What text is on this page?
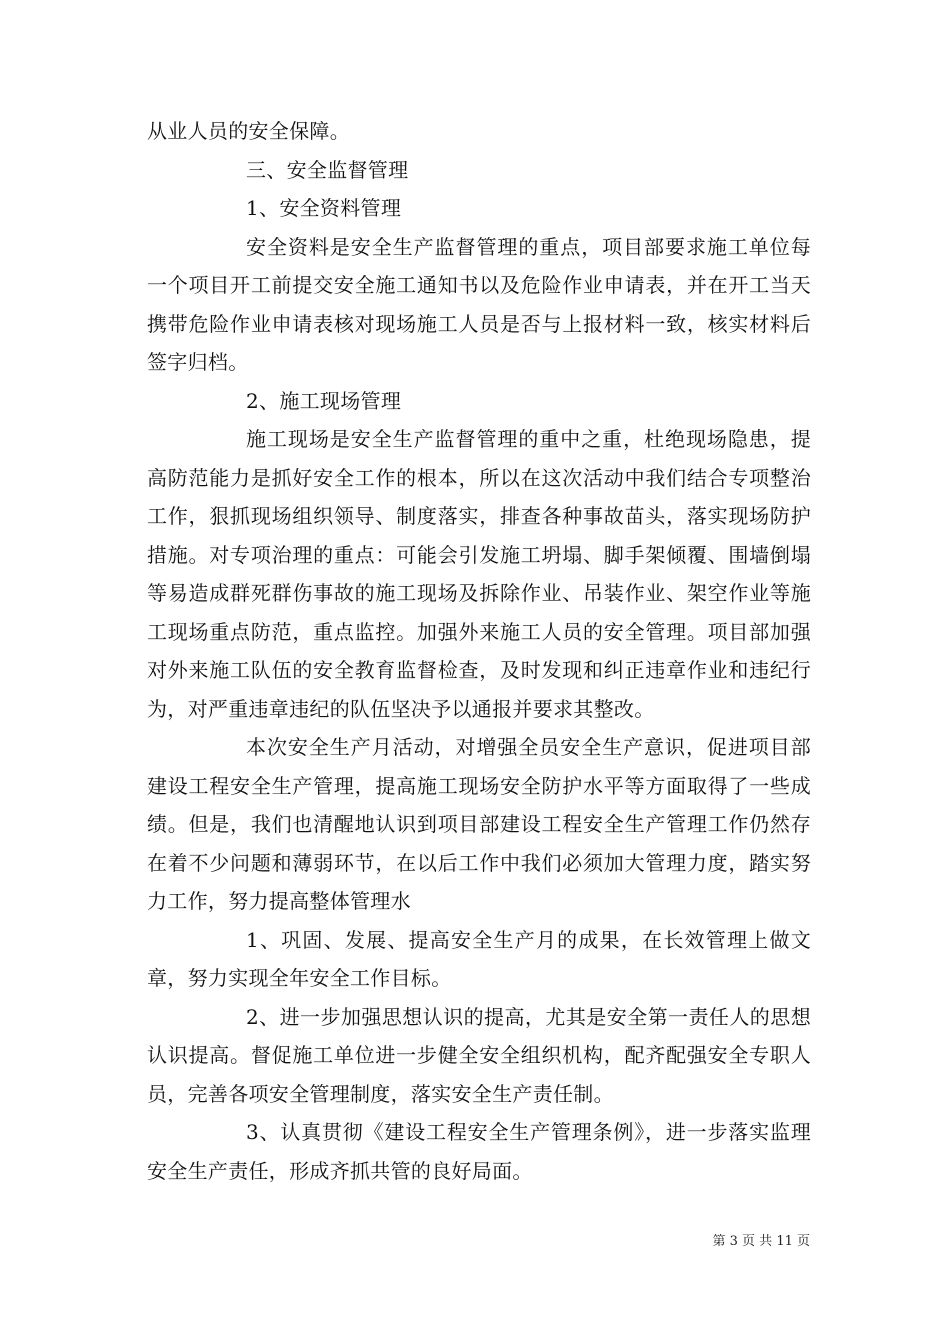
从业人员的安全保障。

三、安全监督管理

1、安全资料管理

安全资料是安全生产监督管理的重点，项目部要求施工单位每一个项目开工前提交安全施工通知书以及危险作业申请表，并在开工当天携带危险作业申请表核对现场施工人员是否与上报材料一致，核实材料后签字归档。

2、施工现场管理

施工现场是安全生产监督管理的重中之重，杜绝现场隐患，提高防范能力是抓好安全工作的根本，所以在这次活动中我们结合专项整治工作，狠抓现场组织领导、制度落实，排查各种事故苗头，落实现场防护措施。对专项治理的重点：可能会引发施工坍塌、脚手架倾覆、围墙倒塌等易造成群死群伤事故的施工现场及拆除作业、吊装作业、架空作业等施工现场重点防范，重点监控。加强外来施工人员的安全管理。项目部加强对外来施工队伍的安全教育监督检查，及时发现和纠正违章作业和违纪行为，对严重违章违纪的队伍坚决予以通报并要求其整改。

本次安全生产月活动，对增强全员安全生产意识，促进项目部建设工程安全生产管理，提高施工现场安全防护水平等方面取得了一些成绩。但是，我们也清醒地认识到项目部建设工程安全生产管理工作仍然存在着不少问题和薄弱环节，在以后工作中我们必须加大管理力度，踏实努力工作，努力提高整体管理水

1、巩固、发展、提高安全生产月的成果，在长效管理上做文章，努力实现全年安全工作目标。

2、进一步加强思想认识的提高，尤其是安全第一责任人的思想认识提高。督促施工单位进一步健全安全组织机构，配齐配强安全专职人员，完善各项安全管理制度，落实安全生产责任制。

3、认真贯彻《建设工程安全生产管理条例》，进一步落实监理安全生产责任，形成齐抓共管的良好局面。

第 3 页 共 11 页
